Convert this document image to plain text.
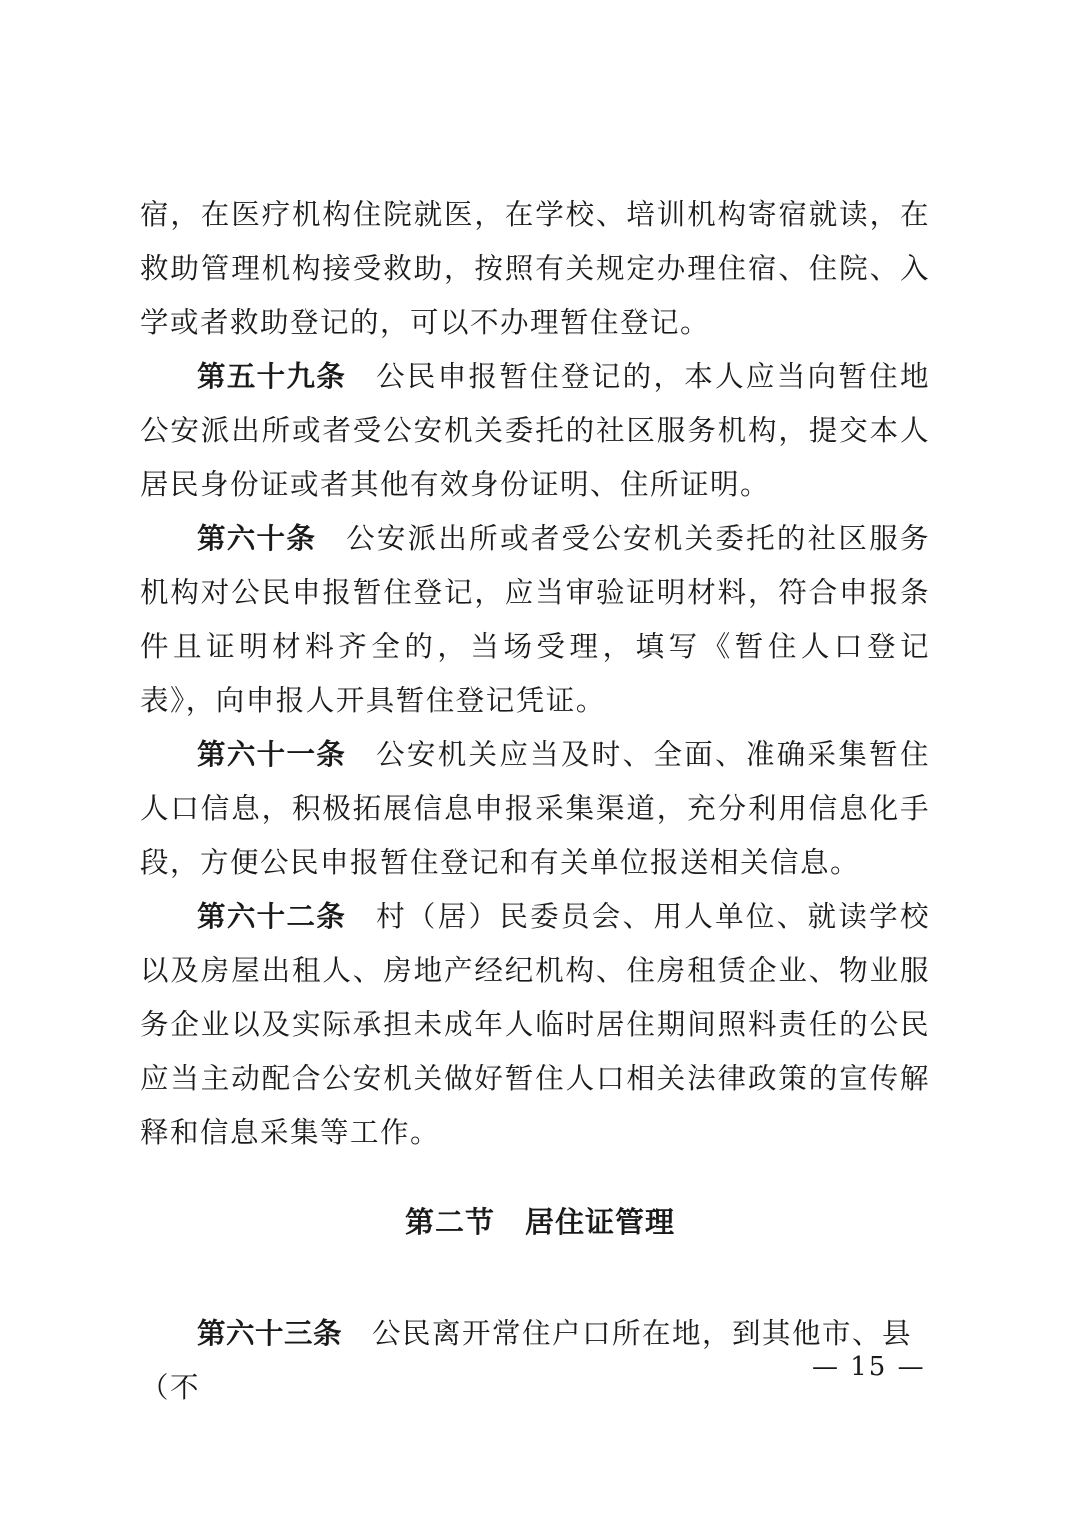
宿，在医疗机构住院就医，在学校、培训机构寄宿就读，在救助管理机构接受救助，按照有关规定办理住宿、住院、入学或者救助登记的，可以不办理暂住登记。

第五十九条 公民申报暂住登记的，本人应当向暂住地公安派出所或者受公安机关委托的社区服务机构，提交本人居民身份证或者其他有效身份证明、住所证明。

第六十条 公安派出所或者受公安机关委托的社区服务机构对公民申报暂住登记，应当审验证明材料，符合申报条件且证明材料齐全的，当场受理，填写《暂住人口登记表》，向申报人开具暂住登记凭证。

第六十一条 公安机关应当及时、全面、准确采集暂住人口信息，积极拓展信息申报采集渠道，充分利用信息化手段，方便公民申报暂住登记和有关单位报送相关信息。

第六十二条 村（居）民委员会、用人单位、就读学校以及房屋出租人、房地产经纪机构、住房租赁企业、物业服务企业以及实际承担未成年人临时居住期间照料责任的公民应当主动配合公安机关做好暂住人口相关法律政策的宣传解释和信息采集等工作。

第二节 居住证管理
第六十三条 公民离开常住户口所在地，到其他市、县（不
— 15 —
